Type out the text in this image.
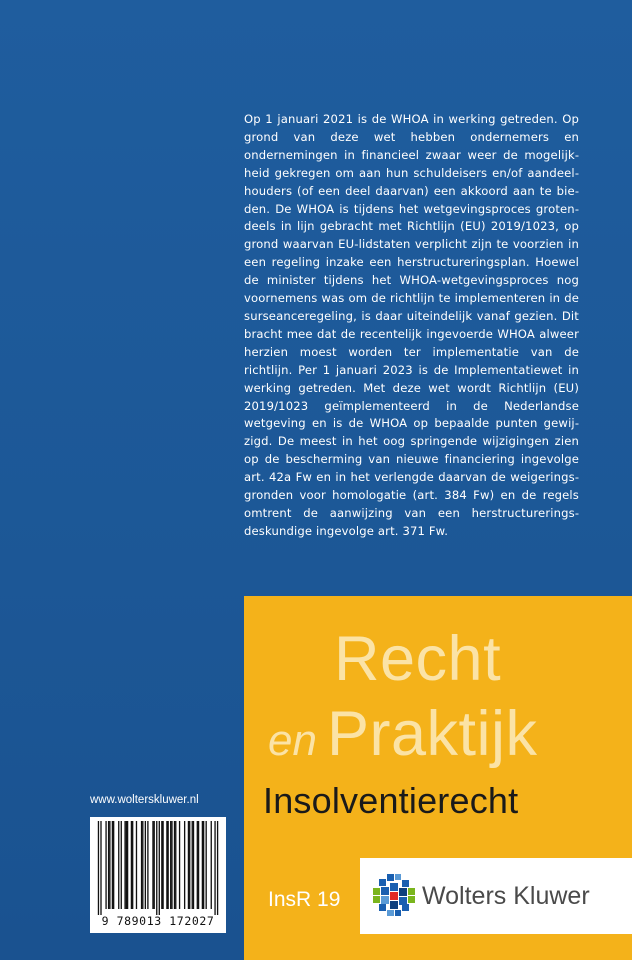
Op 1 januari 2021 is de WHOA in werking getreden. Op grond van deze wet hebben ondernemers en ondernemingen in financieel zwaar weer de mogelijkheid gekregen om aan hun schuldeisers en/of aandeelhouders (of een deel daarvan) een akkoord aan te bieden. De WHOA is tijdens het wetgevingsproces grotendeels in lijn gebracht met Richtlijn (EU) 2019/1023, op grond waarvan EU-lidstaten verplicht zijn te voorzien in een regeling inzake een herstructureringsplan. Hoewel de minister tijdens het WHOA-wetgevingsproces nog voornemens was om de richtlijn te implementeren in de surseanceregeling, is daar uiteindelijk vanaf gezien. Dit bracht mee dat de recentelijk ingevoerde WHOA alweer herzien moest worden ter implementatie van de richtlijn. Per 1 januari 2023 is de Implementatiewet in werking getreden. Met deze wet wordt Richtlijn (EU) 2019/1023 geïmplementeerd in de Nederlandse wetgeving en is de WHOA op bepaalde punten gewijzigd. De meest in het oog springende wijzigingen zien op de bescherming van nieuwe financiering ingevolge art. 42a Fw en in het verlengde daarvan de weigeringsgronden voor homologatie (art. 384 Fw) en de regels omtrent de aanwijzing van een herstructureringsdeskundige ingevolge art. 371 Fw.

www.wolterskluwer.nl
9 789013 172027
Recht
en Praktijk
Insolventierecht
InsR 19	Wolters Kluwer
